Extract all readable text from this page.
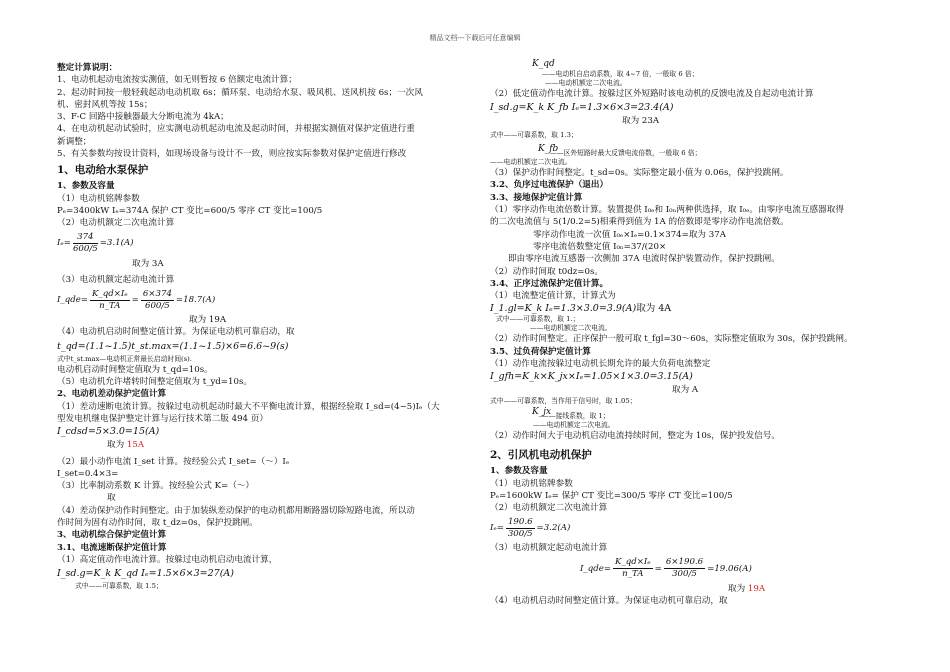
精品文档---下载后可任意编辑
整定计算说明：
1、电动机起动电流按实测值，如无则暂按 6 倍额定电流计算；
2、起动时间按一般轻载起动电动机取 6s；循环泵、电动给水泵、吸风机、送风机按 6s；一次风
机、密封风机等按 15s；
3、F-C 回路中接触器最大分断电流为 4kA；
4、在电动机起动试验时，应实测电动机起动电流及起动时间，并根据实测值对保护定值进行重
新调整；
5、有关参数均按设计资料，如现场设备与设计不一致，则应按实际参数对保护定值进行修改
1、电动给水泵保护
1、参数及容量
（1）电动机铭牌参数
Pₑ=3400kW Iₑ=374A 保护 CT 变比=600/5 零序 CT 变比=100/5
（2）电动机额定二次电流计算
$I_e= \frac{374}{600/5} =3.1(A)$
取为 3A
（3）电动机额定起动电流计算
I_qde= $\frac{\text{K\_qd×Iₑ}}{n\_TA} = \frac{6\times 374}{600/5} =18.7(A)$
取为 19A
（4）电动机启动时间整定值计算。为保证电动机可靠启动，取
t_qd=(1.1~1.5)t_st.max=(1.1~1.5)×6=6.6~9(s)
式中t_st.max—电动机正常最长启动时间(s).
电动机启动时间整定值取为 t_qd=10s。
（5）电动机允许堵转时间整定值取为 t_yd=10s。
2、电动机差动保护定值计算
（1）差动速断电流计算。按躲过电动机起动时最大不平衡电流计算，根据经验取 I_sd=(4~5)Iₑ（大
型发电机继电保护整定计算与运行技术第二版 494 页）
I_cdsd=5×3.0=15(A)
取为 15A
（2）最小动作电流 I_set 计算。按经验公式 I_set=（～）Iₑ
I_set=0.4×3=
（3）比率制动系数 K 计算。按经验公式 K=（～）
取
（4）差动保护动作时间整定。由于加装纵差动保护的电动机都用断路器切除短路电流，所以动
作时间为固有动作时间，取 t_dz=0s，保护投跳闸。
3、电动机综合保护定值计算
3.1、电流速断保护定值计算
（1）高定值动作电流计算。按躲过电动机启动电流计算，
I_sd.g=K_k K_qd Iₑ=1.5×6×3=27(A)
式中——可靠系数，取 1.5；
K_qd
——电动机自启动系数，取 4~7 倍，一般取 6 倍；
——电动机额定二次电流。
（2）低定值动作电流计算。按躲过区外短路时该电动机的反馈电流及自起动电流计算
I_sd.g=K_k K_fb Iₑ=1.3×6×3=23.4(A)
取为 23A
式中——可靠系数，取 1.3；
K_fb
——区外短路时最大反馈电流倍数，一般取 6 倍；
——电动机额定二次电流。
（3）保护动作时间整定。t_sd=0s。实际整定最小值为 0.06s，保护投跳闸。
3.2、负序过电流保护（退出）
3.3、接地保护定值计算
（1）零序动作电流倍数计算。装置提供 I₀ₑ和 I₀ₙ两种供选择，取 I₀ₑ。由零序电流互感器取得
的二次电流值与 5(1/0.2=5)相乘得到值为 1A 的倍数即是零序动作电流倍数。
零序动作电流一次值 I₀ₑ×Iₑ=0.1×374=取为 37A
零序电流倍数整定值 I₀ₙ=37/(20×
即由零序电流互感器一次侧加 37A 电流时保护装置动作，保护投跳闸。
（2）动作时间取 t0dz=0s。
3.4、正序过流保护定值计算。
（1）电流整定值计算，计算式为
I_1.gl=K_k Iₑ=1.3×3.0=3.9(A)取为 4A
式中——可靠系数，取 1.；
——电动机额定二次电流。
（2）动作时间整定。正序保护一般可取 t_fgl=30～60s，实际整定值取为 30s，保护投跳闸。
3.5、过负荷保护定值计算
（1）动作电流按躲过电动机长期允许的最大负荷电流整定
I_gfh=K_k×K_jx×Iₑ=1.05×1×3.0=3.15(A)
取为 A
式中——可靠系数，当作用于信号时，取 1.05；
K_jx
——接线系数，取 1；
——电动机额定二次电流。
（2）动作时间大于电动机启动电流持续时间，整定为 10s，保护投发信号。
2、引风机电动机保护
1、参数及容量
（1）电动机铭牌参数
Pₑ=1600kW Iₑ= 保护 CT 变比=300/5 零序 CT 变比=100/5
（2）电动机额定二次电流计算
$I_e= \frac{190.6}{300/5} =3.2(A)$
（3）电动机额定起动电流计算
I_qde= $\frac{\text{K\_qd×Iₑ}}{n\_TA} = \frac{6\times 190.6}{300/5} =19.06(A)$
取为 19A
（4）电动机启动时间整定值计算。为保证电动机可靠启动，取
